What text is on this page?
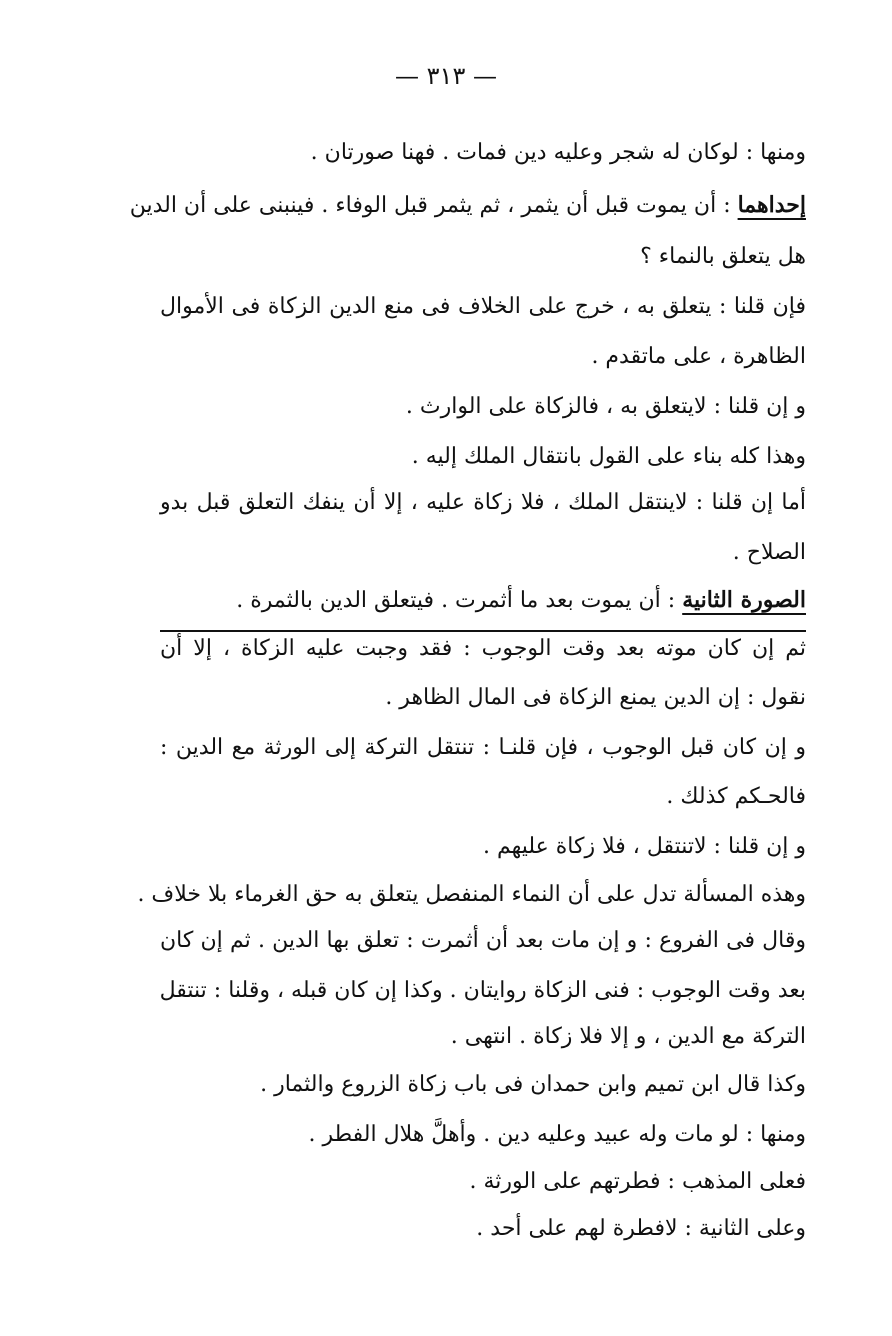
— ٣١٣ —
ومنها : لوكان له شجر وعليه دين فمات . فهنا صورتان .
إحداهما : أن يموت قبل أن يثمر ، ثم يثمر قبل الوفاء . فينبنى على أن الدين
هل يتعلق بالنماء ؟
فإن قلنا : يتعلق به ، خرج على الخلاف فى منع الدين الزكاة فى الأموال
الظاهرة ، على ماتقدم .
و إن قلنا : لايتعلق به ، فالزكاة على الوارث .
وهذا كله بناء على القول بانتقال الملك إليه .
أما إن قلنا : لاينتقل الملك ، فلا زكاة عليه ، إلا أن ينفك التعلق قبل بدو
الصلاح .
الصورة الثانية : أن يموت بعد ما أثمرت . فيتعلق الدين بالثمرة .
ثم إن كان موته بعد وقت الوجوب : فقد وجبت عليه الزكاة ، إلا أن
نقول : إن الدين يمنع الزكاة فى المال الظاهر .
و إن كان قبل الوجوب ، فإن قلنـا : تنتقل التركة إلى الورثة مع الدين :
فالحـكم كذلك .
و إن قلنا : لاتنتقل ، فلا زكاة عليهم .
وهذه المسألة تدل على أن النماء المنفصل يتعلق به حق الغرماء بلا خلاف .
وقال فى الفروع : و إن مات بعد أن أثمرت : تعلق بها الدين . ثم إن كان
بعد وقت الوجوب : فنى الزكاة روايتان . وكذا إن كان قبله ، وقلنا : تنتقل
التركة مع الدين ، و إلا فلا زكاة . انتهى .
وكذا قال ابن تميم وابن حمدان فى باب زكاة الزروع والثمار .
ومنها : لو مات وله عبيد وعليه دين . وأهلَّ هلال الفطر .
فعلى المذهب : فطرتهم على الورثة .
وعلى الثانية : لافطرة لهم على أحد .
